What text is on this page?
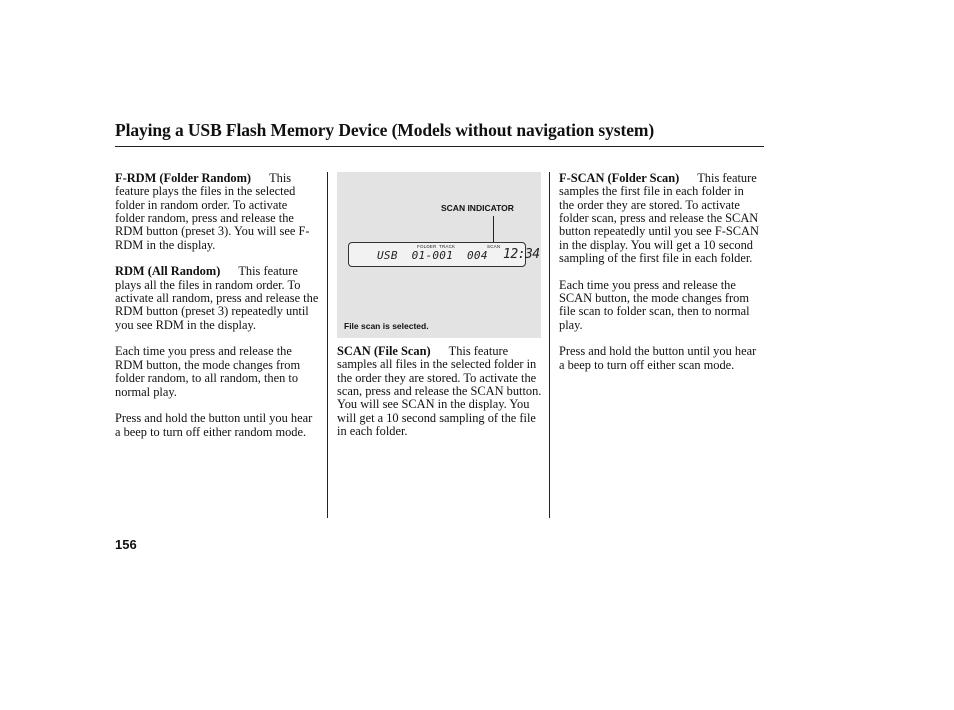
Playing a USB Flash Memory Device (Models without navigation system)

F-RDM (Folder Random) This feature plays the files in the selected folder in random order. To activate folder random, press and release the RDM button (preset 3). You will see F-RDM in the display.

RDM (All Random) This feature plays all the files in random order. To activate all random, press and release the RDM button (preset 3) repeatedly until you see RDM in the display.

Each time you press and release the RDM button, the mode changes from folder random, to all random, then to normal play.

Press and hold the button until you hear a beep to turn off either random mode.

SCAN INDICATOR
FOLDER TRACK	SCAN
USB  01-001  004 12:34
File scan is selected.

SCAN (File Scan) This feature samples all files in the selected folder in the order they are stored. To activate the scan, press and release the SCAN button. You will see SCAN in the display. You will get a 10 second sampling of the file in each folder.

F-SCAN (Folder Scan) This feature samples the first file in each folder in the order they are stored. To activate folder scan, press and release the SCAN button repeatedly until you see F-SCAN in the display. You will get a 10 second sampling of the first file in each folder.

Each time you press and release the SCAN button, the mode changes from file scan to folder scan, then to normal play.

Press and hold the button until you hear a beep to turn off either scan mode.

156
